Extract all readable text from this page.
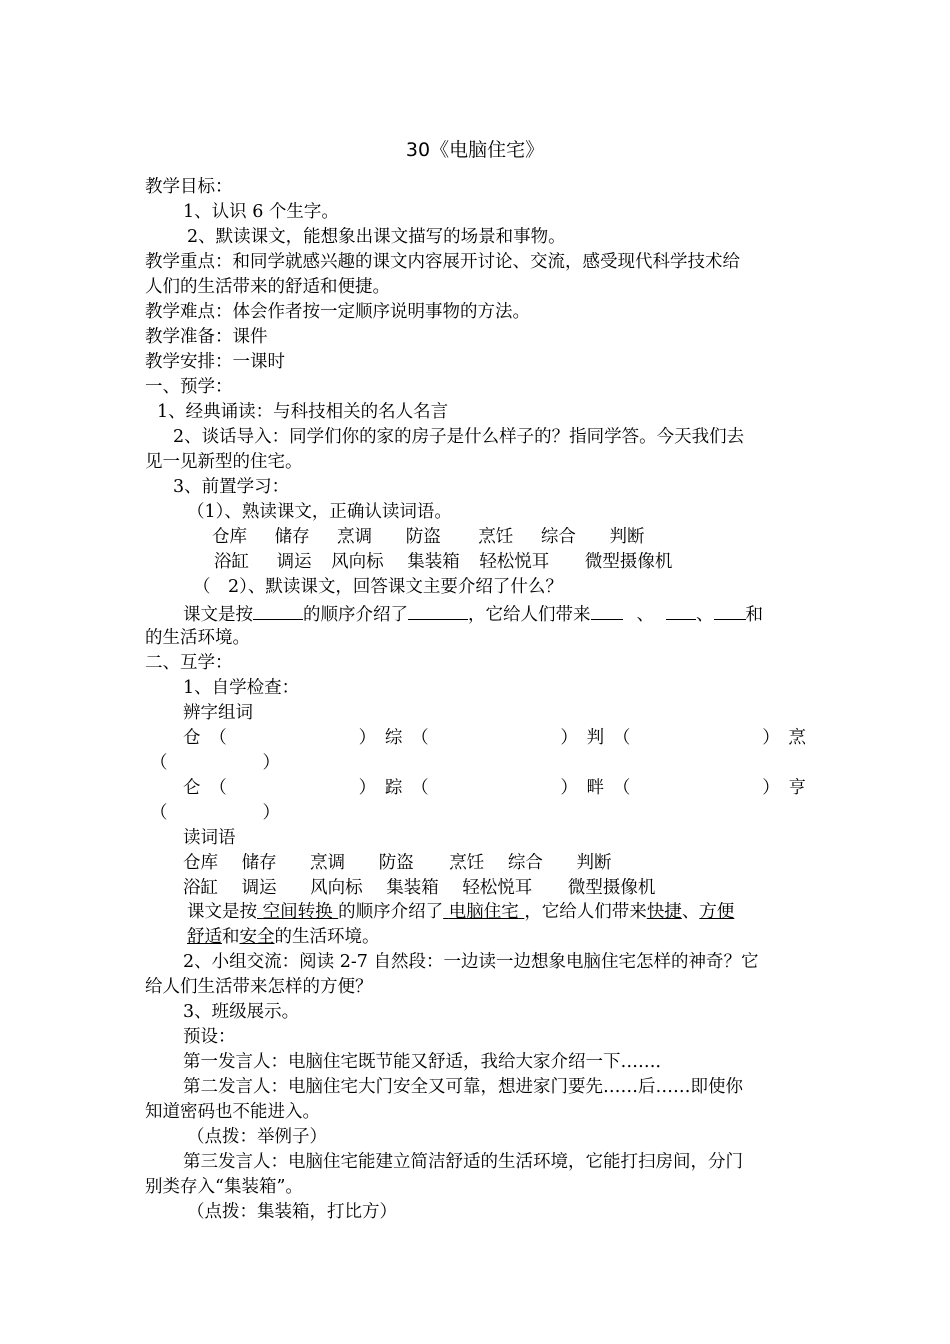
30《电脑住宅》
教学目标：
1、认识 6 个生字。
2、默读课文，能想象出课文描写的场景和事物。
教学重点：和同学就感兴趣的课文内容展开讨论、交流，感受现代科学技术给
人们的生活带来的舒适和便捷。
教学难点：体会作者按一定顺序说明事物的方法。
教学准备：课件
教学安排：一课时
一、预学：
1、经典诵读：与科技相关的名人名言
2、谈话导入：同学们你的家的房子是什么样子的？指同学答。今天我们去
见一见新型的住宅。
3、前置学习：
（1）、熟读课文，正确认读词语。
仓库 储存 烹调 防盗 烹饪 综合 判断
浴缸 调运 风向标 集装箱 轻松悦耳 微型摄像机
（　2）、默读课文，回答课文主要介绍了什么？
课文是按	的顺序介绍了	，它给人们带来	、 、 和
的生活环境。
二、互学：
1、自学检查：
辨字组词
仓　 （	）　 综　 （	）　 判　 （	）　 烹
（	）
仑　 （	）　 踪　 （	）　 畔　 （	）　 亨
（	）
读词语
仓库 储存 烹调 防盗 烹饪 综合 判断
浴缸 调运 风向标 集装箱 轻松悦耳 微型摄像机
课文是按 空间转换 的顺序介绍了 电脑住宅 ，它给人们带来快捷、方便
舒适和安全的生活环境。
2、小组交流：阅读 2-7 自然段：一边读一边想象电脑住宅怎样的神奇？它
给人们生活带来怎样的方便？
3、班级展示。
预设：
第一发言人：电脑住宅既节能又舒适，我给大家介绍一下……．
第二发言人：电脑住宅大门安全又可靠，想进家门要先……后……即使你
知道密码也不能进入。
（点拨：举例子）
第三发言人：电脑住宅能建立简洁舒适的生活环境，它能打扫房间，分门
别类存入“集装箱”。
（点拨：集装箱，打比方）
